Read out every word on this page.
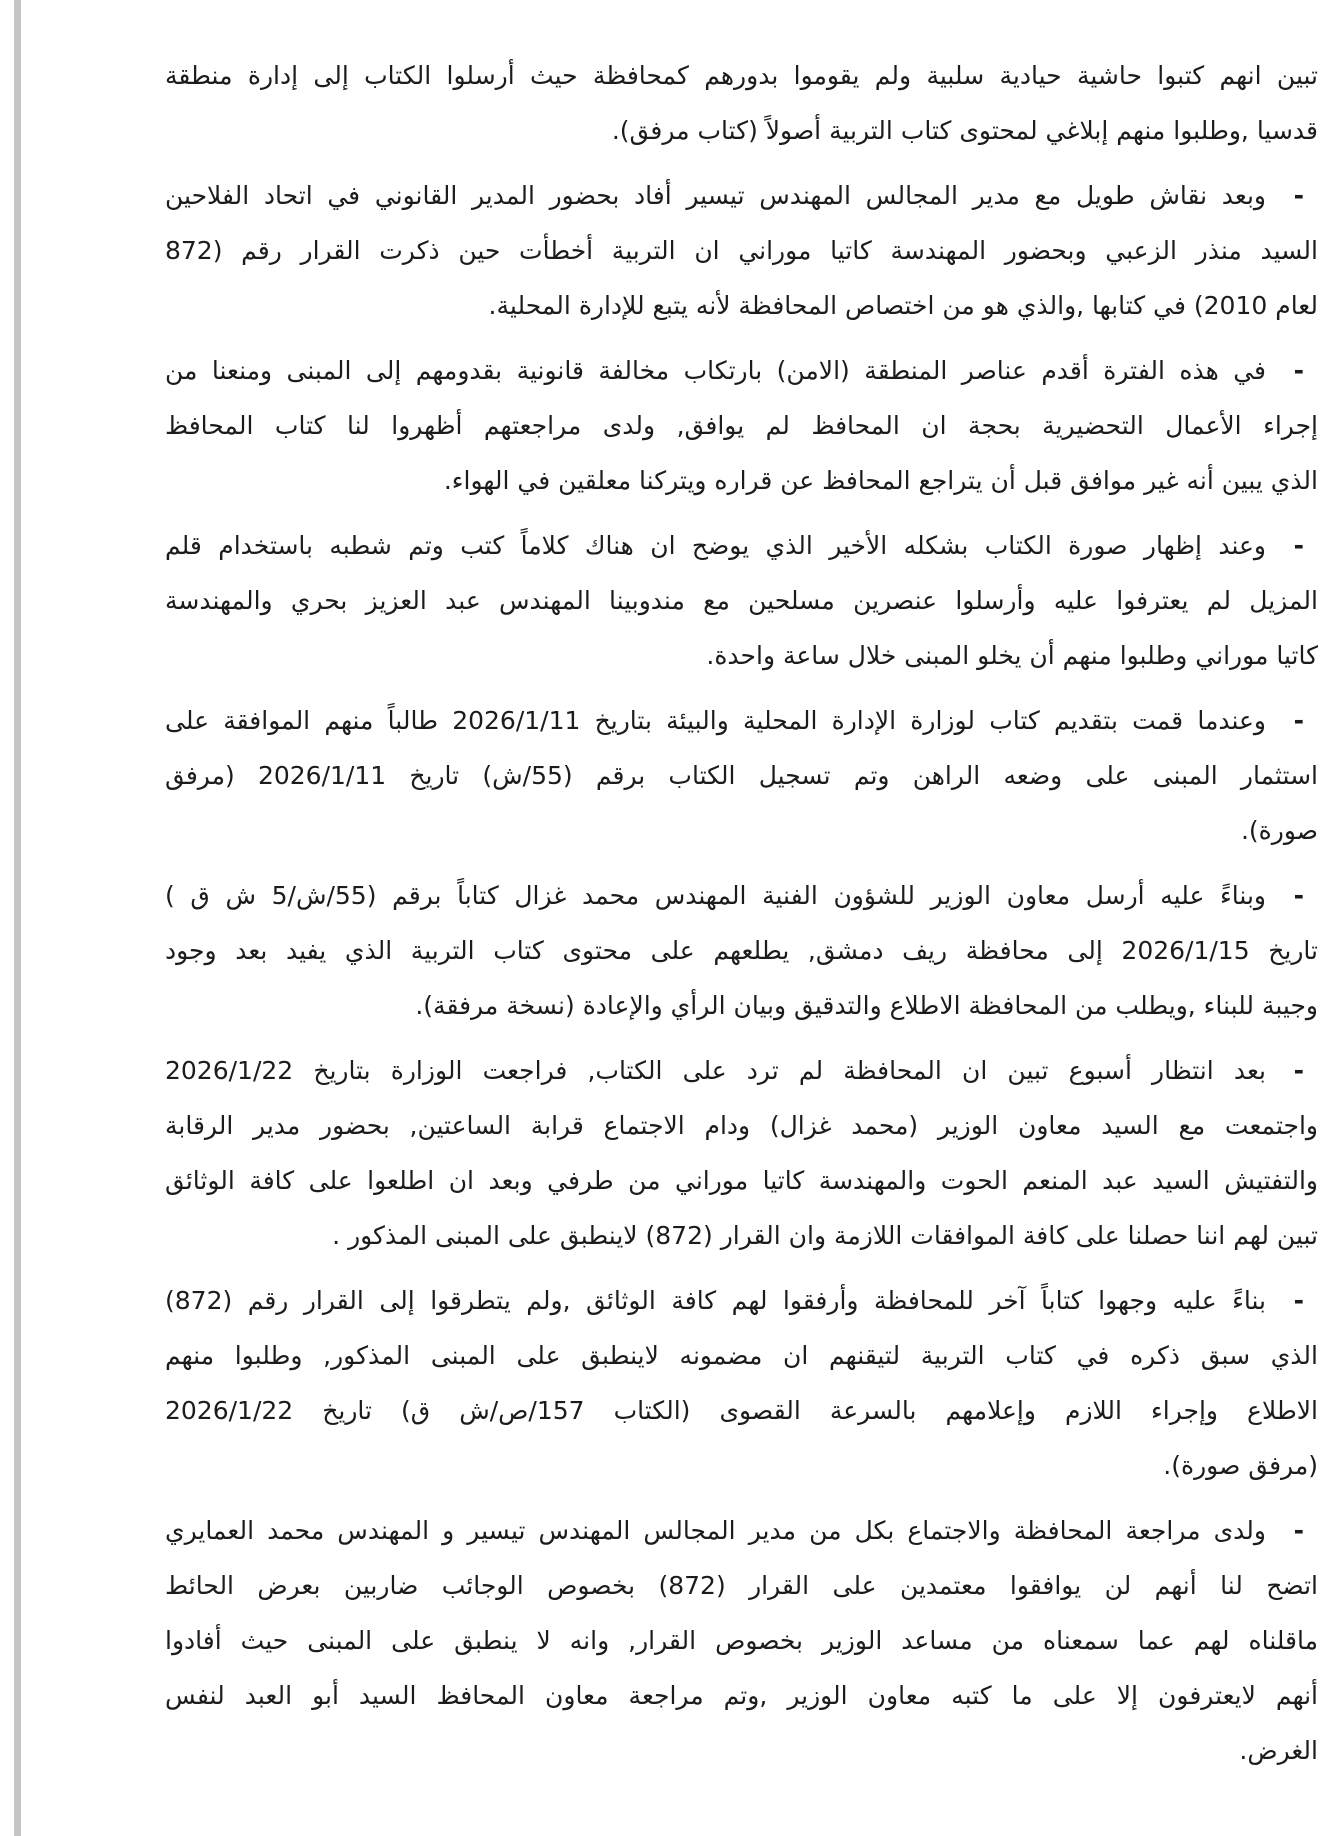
تبين انهم كتبوا حاشية حيادية سلبية ولم يقوموا بدورهم كمحافظة حيث أرسلوا الكتاب إلى إدارة منطقة
قدسيا ,وطلبوا منهم إبلاغي لمحتوى كتاب التربية أصولاً (كتاب مرفق).
-
وبعد نقاش طويل مع مدير المجالس المهندس تيسير أفاد بحضور المدير القانوني في اتحاد الفلاحين
السيد منذر الزعبي وبحضور المهندسة كاتيا موراني ان التربية أخطأت حين ذكرت القرار رقم (872
لعام 2010) في كتابها ,والذي هو من اختصاص المحافظة لأنه يتبع للإدارة المحلية.
-
في هذه الفترة أقدم عناصر المنطقة (الامن) بارتكاب مخالفة قانونية بقدومهم إلى المبنى ومنعنا من
إجراء الأعمال التحضيرية بحجة ان المحافظ لم يوافق, ولدى مراجعتهم أظهروا لنا كتاب المحافظ
الذي يبين أنه غير موافق قبل أن يتراجع المحافظ عن قراره ويتركنا معلقين في الهواء.
-
وعند إظهار صورة الكتاب بشكله الأخير الذي يوضح ان هناك كلاماً كتب وتم شطبه باستخدام قلم
المزيل لم يعترفوا عليه وأرسلوا عنصرين مسلحين مع مندوبينا المهندس عبد العزيز بحري والمهندسة
كاتيا موراني وطلبوا منهم أن يخلو المبنى خلال ساعة واحدة.
-
وعندما قمت بتقديم كتاب لوزارة الإدارة المحلية والبيئة بتاريخ 2026/1/11 طالباً منهم الموافقة على
استثمار المبنى على وضعه الراهن وتم تسجيل الكتاب برقم (55/ش) تاريخ 2026/1/11 (مرفق
صورة).
-
وبناءً عليه أرسل معاون الوزير للشؤون الفنية المهندس محمد غزال كتاباً برقم (55/ش/5 ش ق )
تاريخ 2026/1/15 إلى محافظة ريف دمشق, يطلعهم على محتوى كتاب التربية الذي يفيد بعد وجود
وجيبة للبناء ,ويطلب من المحافظة الاطلاع والتدقيق وبيان الرأي والإعادة (نسخة مرفقة).
-
بعد انتظار أسبوع تبين ان المحافظة لم ترد على الكتاب, فراجعت الوزارة بتاريخ 2026/1/22
واجتمعت مع السيد معاون الوزير (محمد غزال) ودام الاجتماع قرابة الساعتين, بحضور مدير الرقابة
والتفتيش السيد عبد المنعم الحوت والمهندسة كاتيا موراني من طرفي وبعد ان اطلعوا على كافة الوثائق
تبين لهم اننا حصلنا على كافة الموافقات اللازمة وان القرار (872) لاينطبق على المبنى المذكور .
-
بناءً عليه وجهوا كتاباً آخر للمحافظة وأرفقوا لهم كافة الوثائق ,ولم يتطرقوا إلى القرار رقم (872)
الذي سبق ذكره في كتاب التربية لتيقنهم ان مضمونه لاينطبق على المبنى المذكور, وطلبوا منهم
الاطلاع وإجراء اللازم وإعلامهم بالسرعة القصوى (الكتاب 157/ص/ش ق) تاريخ 2026/1/22
(مرفق صورة).
-
ولدى مراجعة المحافظة والاجتماع بكل من مدير المجالس المهندس تيسير و المهندس محمد العمايري
اتضح لنا أنهم لن يوافقوا معتمدين على القرار (872) بخصوص الوجائب ضاربين بعرض الحائط
ماقلناه لهم عما سمعناه من مساعد الوزير بخصوص القرار, وانه لا ينطبق على المبنى حيث أفادوا
أنهم لايعترفون إلا على ما كتبه معاون الوزير ,وتم مراجعة معاون المحافظ السيد أبو العبد لنفس
الغرض.
